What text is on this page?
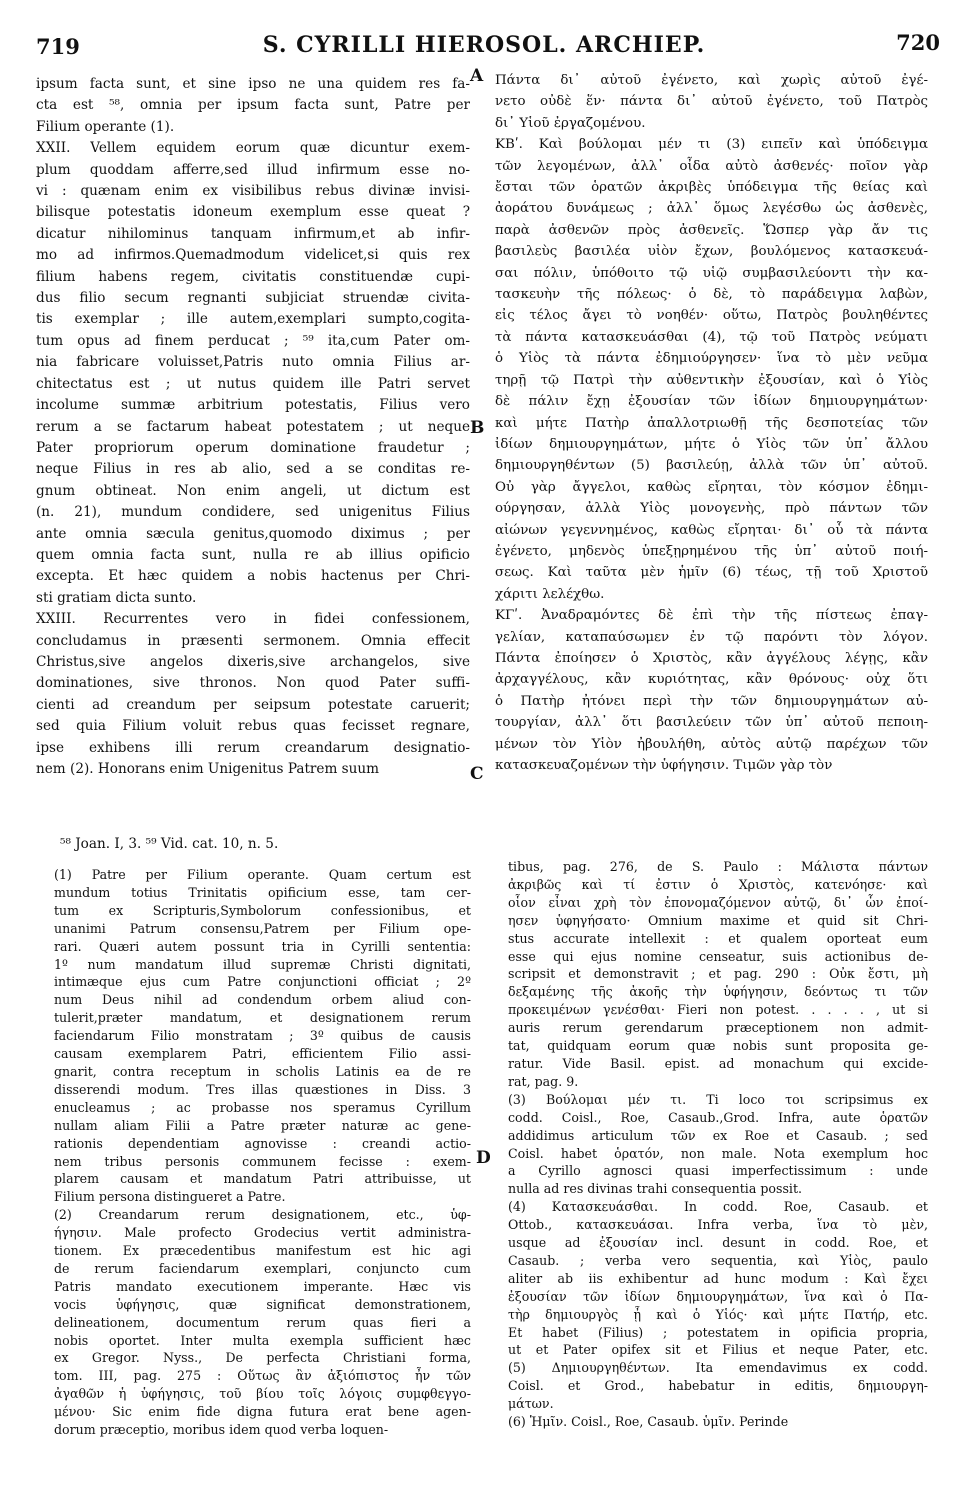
719	S. CYRILLI HIEROSOL. ARCHIEP.	720
ipsum facta sunt, et sine ipso ne una quidem res fa-
cta est ⁵⁸, omnia per ipsum facta sunt, Patre per
Filium operante (1).
XXII. Vellem equidem eorum quæ dicuntur exem-
plum quoddam afferre,sed illud infirmum esse no-
vi : quænam enim ex visibilibus rebus divinæ invisi-
bilisque potestatis idoneum exemplum esse queat ?
dicatur nihilominus tanquam infirmum,et ab infir-
mo ad infirmos.Quemadmodum videlicet,si quis rex
filium habens regem, civitatis constituendæ cupi-
dus filio secum regnanti subjiciat struendæ civita-
tis exemplar ; ille autem,exemplari sumpto,cogita-
tum opus ad finem perducat ; ⁵⁹ ita,cum Pater om-
nia fabricare voluisset,Patris nuto omnia Filius ar-
chitectatus est ; ut nutus quidem ille Patri servet
incolume summæ arbitrium potestatis, Filius vero
rerum a se factarum habeat potestatem ; ut neque
Pater propriorum operum dominatione fraudetur ;
neque Filius in res ab alio, sed a se conditas re-
gnum obtineat. Non enim angeli, ut dictum est
(n. 21), mundum condidere, sed unigenitus Filius
ante omnia sæcula genitus,quomodo diximus ; per
quem omnia facta sunt, nulla re ab illius opificio
excepta. Et hæc quidem a nobis hactenus per Chri-
sti gratiam dicta sunto.
XXIII. Recurrentes vero in fidei confessionem,
concludamus in præsenti sermonem. Omnia effecit
Christus,sive angelos dixeris,sive archangelos, sive
dominationes, sive thronos. Non quod Pater suffi-
cienti ad creandum per seipsum potestate caruerit;
sed quia Filium voluit rebus quas fecisset regnare,
ipse exhibens illi rerum creandarum designatio-
nem (2). Honorans enim Unigenitus Patrem suum
Πάντα δι᾽ αὐτοῦ ἐγένετο, καὶ χωρὶς αὐτοῦ ἐγέ-
νετο οὐδὲ ἕν· πάντα δι᾽ αὐτοῦ ἐγένετο, τοῦ Πατρὸς
δι᾽ Υἱοῦ ἐργαζομένου.
ΚΒʹ. Καὶ βούλομαι μέν τι (3) ειπεῖν καὶ ὑπόδειγμα
τῶν λεγομένων, ἀλλ᾽ οἶδα αὐτὸ ἀσθενές· ποῖον γὰρ
ἔσται τῶν ὁρατῶν ἀκριβὲς ὑπόδειγμα τῆς θείας καὶ
ἀοράτου δυνάμεως ; ἀλλ᾽ ὅμως λεγέσθω ὡς ἀσθενὲς,
παρὰ ἀσθενῶν πρὸς ἀσθενεῖς. Ὥσπερ γὰρ ἄν τις
βασιλεὺς βασιλέα υἱὸν ἔχων, βουλόμενος κατασκευά-
σαι πόλιν, ὑπόθοιτο τῷ υἱῷ συμβασιλεύοντι τὴν κα-
τασκευὴν τῆς πόλεως· ὁ δὲ, τὸ παράδειγμα λαβὼν,
εἰς τέλος ἄγει τὸ νοηθέν· οὕτω, Πατρὸς βουληθέντες
τὰ πάντα κατασκευάσθαι (4), τῷ τοῦ Πατρὸς νεύματι
ὁ Υἱὸς τὰ πάντα ἐδημιούργησεν· ἵνα τὸ μὲν νεῦμα
τηρῇ τῷ Πατρὶ τὴν αὐθεντικὴν ἐξουσίαν, καὶ ὁ Υἱὸς
δὲ πάλιν ἔχῃ ἐξουσίαν τῶν ἰδίων δημιουργημάτων·
καὶ μήτε Πατὴρ ἀπαλλοτριωθῇ τῆς δεσποτείας τῶν
ἰδίων δημιουργημάτων, μήτε ὁ Υἱὸς τῶν ὑπ᾽ ἄλλου
δημιουργηθέντων (5) βασιλεύῃ, ἀλλὰ τῶν ὑπ᾽ αὐτοῦ.
Οὐ γὰρ ἄγγελοι, καθὼς εἴρηται, τὸν κόσμον ἐδημι-
ούργησαν, ἀλλὰ Υἱὸς μονογενὴς, πρὸ πάντων τῶν
αἰώνων γεγεννημένος, καθὼς εἴρηται· δι᾽ οὗ τὰ πάντα
ἐγένετο, μηδενὸς ὑπεξῃρημένου τῆς ὑπ᾽ αὐτοῦ ποιή-
σεως. Καὶ ταῦτα μὲν ἡμῖν (6) τέως, τῇ τοῦ Χριστοῦ
χάριτι λελέχθω.
ΚΓʹ. Ἀναδραμόντες δὲ ἐπὶ τὴν τῆς πίστεως ἐπαγ-
γελίαν, καταπαύσωμεν ἐν τῷ παρόντι τὸν λόγον.
Πάντα ἐποίησεν ὁ Χριστὸς, κἂν ἀγγέλους λέγῃς, κἂν
ἀρχαγγέλους, κἂν κυριότητας, κἂν θρόνους· οὐχ ὅτι
ὁ Πατὴρ ἠτόνει περὶ τὴν τῶν δημιουργημάτων αὐ-
τουργίαν, ἀλλ᾽ ὅτι βασιλεύειν τῶν ὑπ᾽ αὐτοῦ πεποιη-
μένων τὸν Υἱὸν ἠβουλήθη, αὐτὸς αὐτῷ παρέχων τῶν
κατασκευαζομένων τὴν ὑφήγησιν. Τιμῶν γὰρ τὸν
A
B
C
⁵⁸ Joan. I, 3. ⁵⁹ Vid. cat. 10, n. 5.
(1) Patre per Filium operante. Quam certum est
mundum totius Trinitatis opificium esse, tam cer-
tum ex Scripturis,Symbolorum confessionibus, et
unanimi Patrum consensu,Patrem per Filium ope-
rari. Quæri autem possunt tria in Cyrilli sententia:
1º num mandatum illud supremæ Christi dignitati,
intimæque ejus cum Patre conjunctioni officiat ; 2º
num Deus nihil ad condendum orbem aliud con-
tulerit,præter mandatum, et designationem rerum
faciendarum Filio monstratam ; 3º quibus de causis
causam exemplarem Patri, efficientem Filio assi-
gnarit, contra receptum in scholis Latinis ea de re
disserendi modum. Tres illas quæstiones in Diss. 3
enucleamus ; ac probasse nos speramus Cyrillum
nullam aliam Filii a Patre præter naturæ ac gene-
rationis dependentiam agnovisse : creandi actio-
nem tribus personis communem fecisse : exem-
plarem causam et mandatum Patri attribuisse, ut
Filium persona distingueret a Patre.
(2) Creandarum rerum designationem, etc., ὑφ-
ήγησιν. Male profecto Grodecius vertit administra-
tionem. Ex præcedentibus manifestum est hic agi
de rerum faciendarum exemplari, conjuncto cum
Patris mandato executionem imperante. Hæc vis
vocis ὑφήγησις, quæ significat demonstrationem,
delineationem, documentum rerum quas fieri a
nobis oportet. Inter multa exempla sufficient hæc
ex Gregor. Nyss., De perfecta Christiani forma,
tom. III, pag. 275 : Οὕτως ἂν ἀξιόπιστος ἦν τῶν
ἀγαθῶν ἡ ὑφήγησις, τοῦ βίου τοῖς λόγοις συμφθεγγο-
μένου· Sic enim fide digna futura erat bene agen-
dorum præceptio, moribus idem quod verba loquen-
tibus, pag. 276, de S. Paulo : Μάλιστα πάντων
ἀκριβῶς καὶ τί ἐστιν ὁ Χριστὸς, κατενόησε· καὶ
οἷον εἶναι χρὴ τὸν ἐπονομαζόμενον αὐτῷ, δι᾽ ὧν ἐποί-
ησεν ὑφηγήσατο· Omnium maxime et quid sit Chri-
stus accurate intellexit : et qualem oporteat eum
esse qui ejus nomine censeatur, suis actionibus de-
scripsit et demonstravit ; et pag. 290 : Οὐκ ἔστι, μὴ
δεξαμένης τῆς ἀκοῆς τὴν ὑφήγησιν, δεόντως τι τῶν
προκειμένων γενέσθαι· Fieri non potest. . . . . , ut si
auris rerum gerendarum præceptionem non admit-
tat, quidquam eorum quæ nobis sunt proposita ge-
ratur. Vide Basil. epist. ad monachum qui excide-
rat, pag. 9.
(3) Βούλομαι μέν τι. Ti loco τοι scripsimus ex
codd. Coisl., Roe, Casaub.,Grod. Infra, aute ὁρατῶν
addidimus articulum τῶν ex Roe et Casaub. ; sed
Coisl. habet ὁρατόν, non male. Nota exemplum hoc
a Cyrillo agnosci quasi imperfectissimum : unde
nulla ad res divinas trahi consequentia possit.
(4) Κατασκευάσθαι. In codd. Roe, Casaub. et
Ottob., κατασκευάσαι. Infra verba, ἵνα τὸ μὲν,
usque ad ἐξουσίαν incl. desunt in codd. Roe, et
Casaub. ; verba vero sequentia, καὶ Υἱὸς, paulo
aliter ab iis exhibentur ad hunc modum : Καὶ ἔχει
ἐξουσίαν τῶν ἰδίων δημιουργημάτων, ἵνα καὶ ὁ Πα-
τὴρ δημιουργὸς ᾖ καὶ ὁ Υἱός· καὶ μήτε Πατήρ, etc.
Et habet (Filius) ; potestatem in opificia propria,
ut et Pater opifex sit et Filius et neque Pater, etc.
(5) Δημιουργηθέντων. Ita emendavimus ex codd.
Coisl. et Grod., habebatur in editis, δημιουργη-
μάτων.
(6) Ἡμῖν. Coisl., Roe, Casaub. ὑμῖν. Perinde
D
